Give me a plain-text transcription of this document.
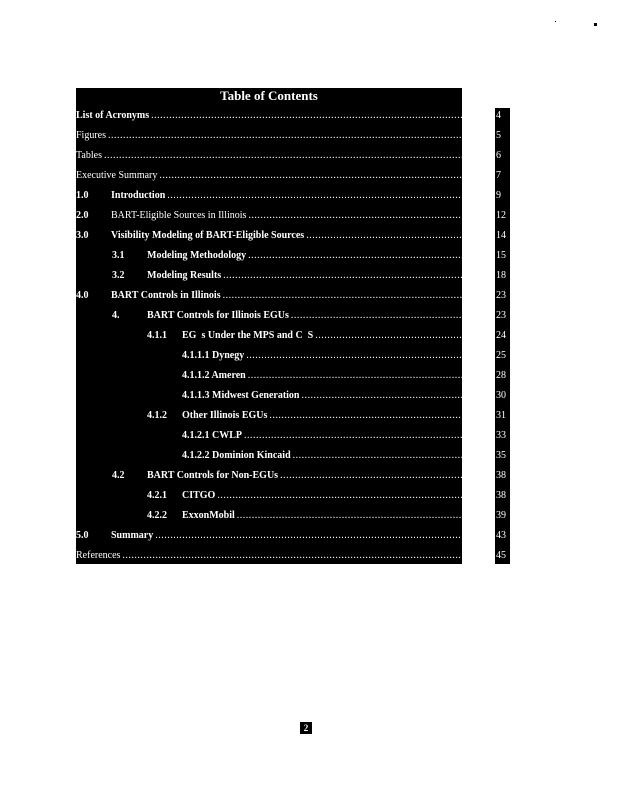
Table of Contents
List of Acronyms .....	4
Figures .....	5
Tables .....	6
Executive Summary .....	7
1.0	Introduction .....	9
2.0	BART-Eligible Sources in Illinois .....	12
3.0	Visibility Modeling of BART-Eligible Sources .....	14
3.1	Modeling Methodology .....	15
3.2	Modeling Results .....	18
4.0	BART Controls in Illinois .....	23
4.	BART Controls for Illinois EGUs .....	23
4.1.1	EG  s Under the MPS and C  S .....	24
4.1.1.1 Dynegy .....	25
4.1.1.2 Ameren .....	28
4.1.1.3 Midwest Generation .....	30
4.1.2	Other Illinois EGUs .....	31
4.1.2.1 CWLP .....	33
4.1.2.2 Dominion Kincaid .....	35
4.2	BART Controls for Non-EGUs .....	38
4.2.1	CITGO .....	38
4.2.2	ExxonMobil .....	39
5.0	Summary .....	43
References .....	45
2
